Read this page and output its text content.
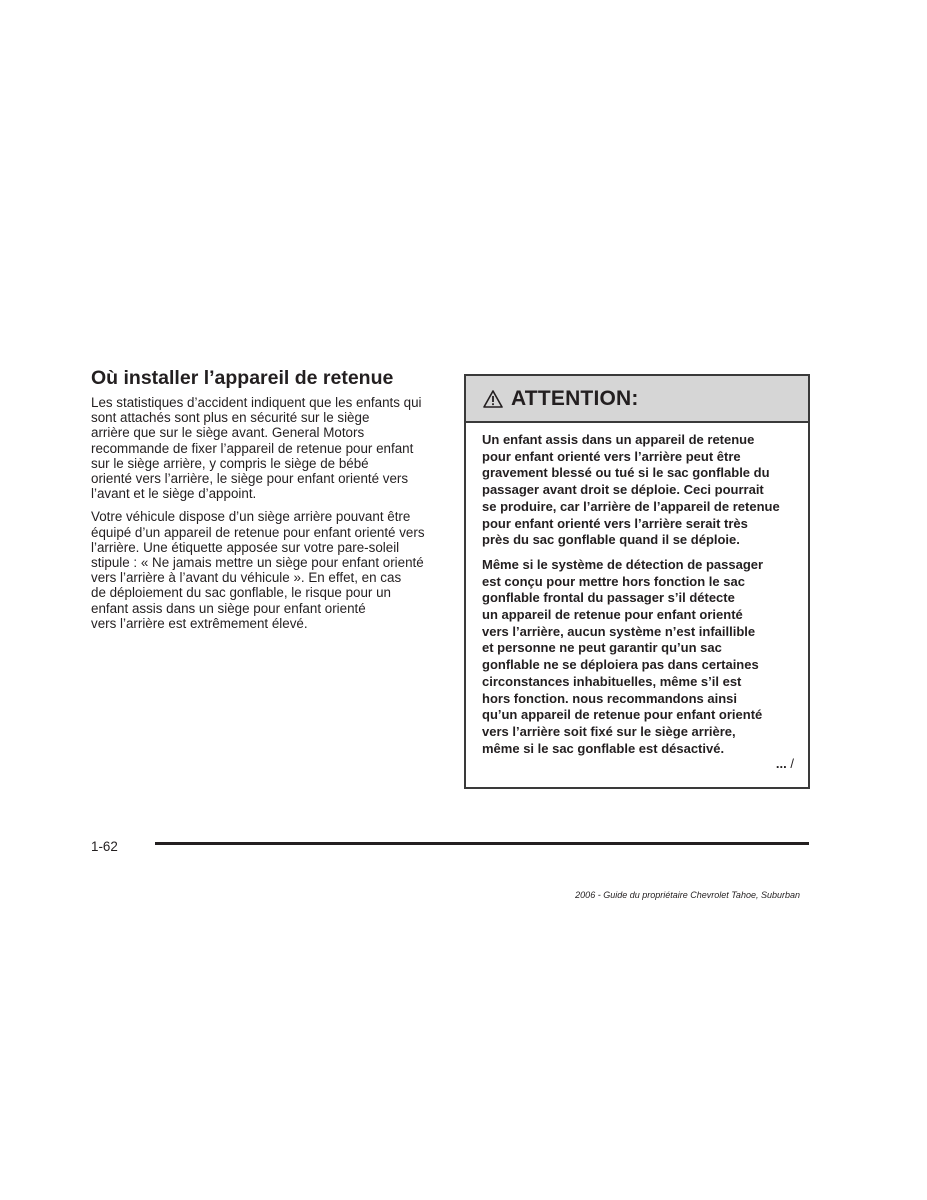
Où installer l’appareil de retenue

Les statistiques d’accident indiquent que les enfants qui
sont attachés sont plus en sécurité sur le siège
arrière que sur le siège avant. General Motors
recommande de fixer l’appareil de retenue pour enfant
sur le siège arrière, y compris le siège de bébé
orienté vers l’arrière, le siège pour enfant orienté vers
l’avant et le siège d’appoint.

Votre véhicule dispose d’un siège arrière pouvant être
équipé d’un appareil de retenue pour enfant orienté vers
l’arrière. Une étiquette apposée sur votre pare-soleil
stipule : « Ne jamais mettre un siège pour enfant orienté
vers l’arrière à l’avant du véhicule ». En effet, en cas
de déploiement du sac gonflable, le risque pour un
enfant assis dans un siège pour enfant orienté
vers l’arrière est extrêmement élevé.

ATTENTION:

Un enfant assis dans un appareil de retenue
pour enfant orienté vers l’arrière peut être
gravement blessé ou tué si le sac gonflable du
passager avant droit se déploie. Ceci pourrait
se produire, car l’arrière de l’appareil de retenue
pour enfant orienté vers l’arrière serait très
près du sac gonflable quand il se déploie.

Même si le système de détection de passager
est conçu pour mettre hors fonction le sac
gonflable frontal du passager s’il détecte
un appareil de retenue pour enfant orienté
vers l’arrière, aucun système n’est infaillible
et personne ne peut garantir qu’un sac
gonflable ne se déploiera pas dans certaines
circonstances inhabituelles, même s’il est
hors fonction. nous recommandons ainsi
qu’un appareil de retenue pour enfant orienté
vers l’arrière soit fixé sur le siège arrière,
même si le sac gonflable est désactivé.

... /
1-62
2006 - Guide du propriétaire Chevrolet Tahoe, Suburban
